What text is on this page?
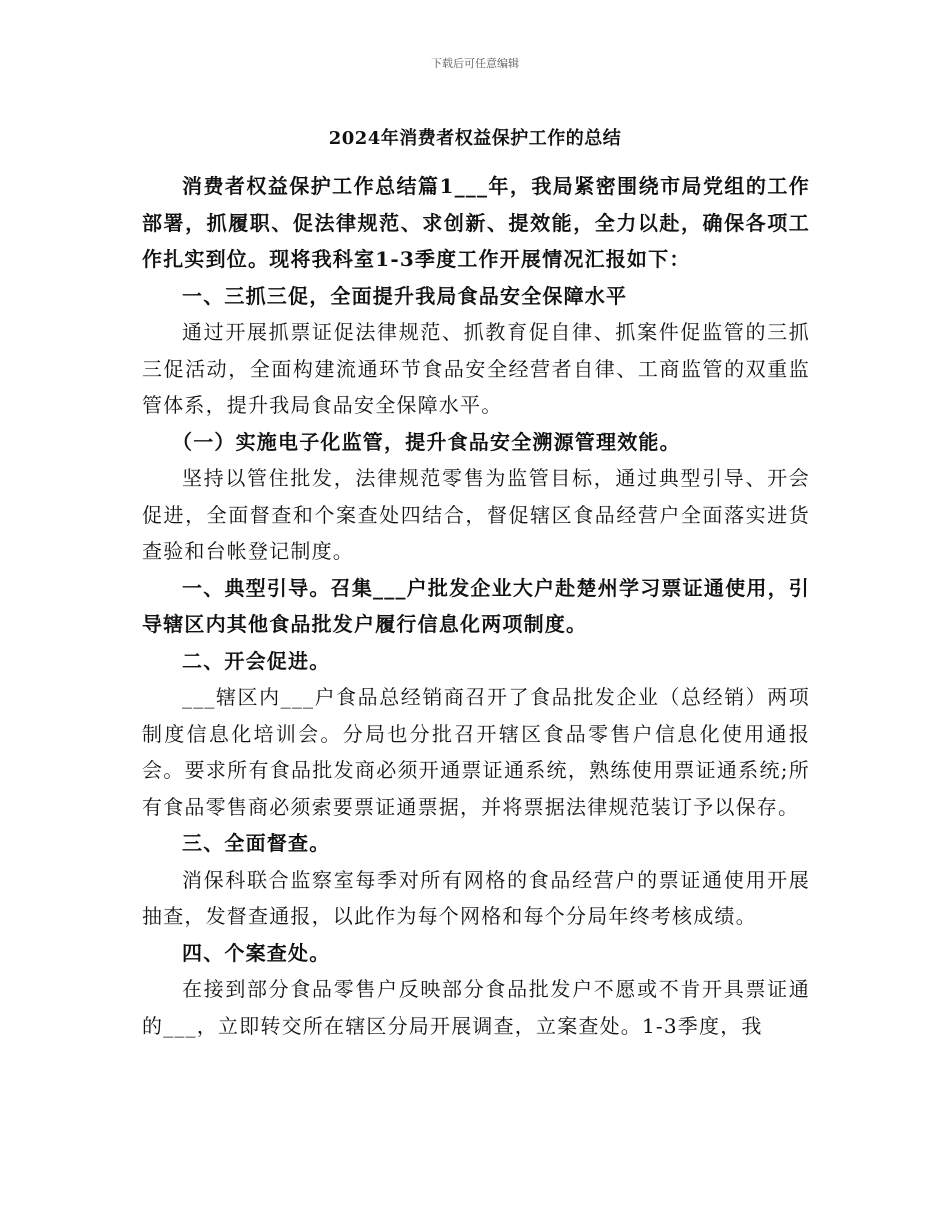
下载后可任意编辑
2024年消费者权益保护工作的总结

消费者权益保护工作总结篇1___年，我局紧密围绕市局党组的工作部署，抓履职、促法律规范、求创新、提效能，全力以赴，确保各项工作扎实到位。现将我科室1-3季度工作开展情况汇报如下：

一、三抓三促，全面提升我局食品安全保障水平

通过开展抓票证促法律规范、抓教育促自律、抓案件促监管的三抓三促活动，全面构建流通环节食品安全经营者自律、工商监管的双重监管体系，提升我局食品安全保障水平。

（一）实施电子化监管，提升食品安全溯源管理效能。

坚持以管住批发，法律规范零售为监管目标，通过典型引导、开会促进，全面督查和个案查处四结合，督促辖区食品经营户全面落实进货查验和台帐登记制度。

一、典型引导。召集___户批发企业大户赴楚州学习票证通使用，引导辖区内其他食品批发户履行信息化两项制度。

二、开会促进。

___辖区内___户食品总经销商召开了食品批发企业（总经销）两项制度信息化培训会。分局也分批召开辖区食品零售户信息化使用通报会。要求所有食品批发商必须开通票证通系统，熟练使用票证通系统;所有食品零售商必须索要票证通票据，并将票据法律规范装订予以保存。

三、全面督查。

消保科联合监察室每季对所有网格的食品经营户的票证通使用开展抽查，发督查通报，以此作为每个网格和每个分局年终考核成绩。

四、个案查处。

在接到部分食品零售户反映部分食品批发户不愿或不肯开具票证通的___，立即转交所在辖区分局开展调查，立案查处。1-3季度，我
